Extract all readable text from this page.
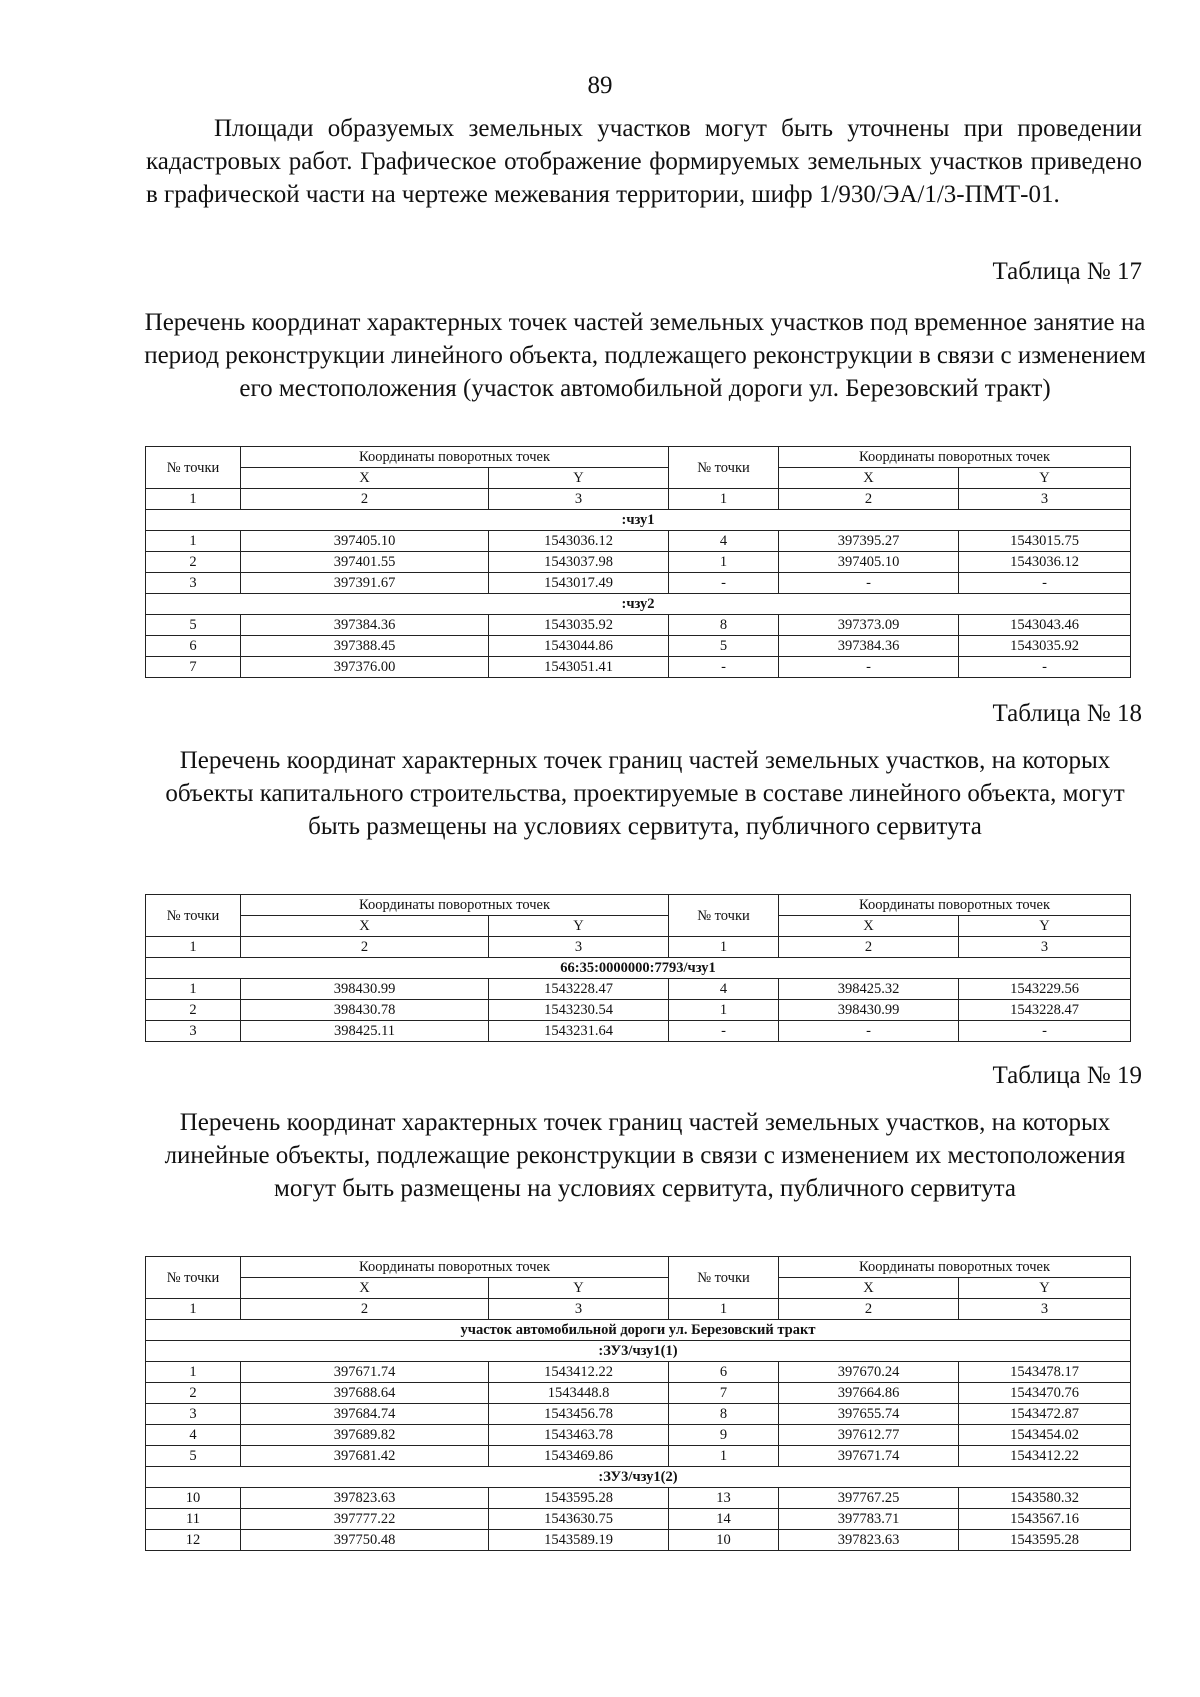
89

Площади образуемых земельных участков могут быть уточнены при проведении кадастровых работ. Графическое отображение формируемых земельных участков приведено в графической части на чертеже межевания территории, шифр 1/930/ЭА/1/3-ПМТ-01.

Таблица № 17

Перечень координат характерных точек частей земельных участков под временное занятие на период реконструкции линейного объекта, подлежащего реконструкции в связи с изменением его местоположения (участок автомобильной дороги ул. Березовский тракт)

№ точки	Координаты поворотных точек		№ точки	Координаты поворотных точек	
	X	Y		X	Y
1	2	3	1	2	3
:чзу1					
1	397405.10	1543036.12	4	397395.27	1543015.75
2	397401.55	1543037.98	1	397405.10	1543036.12
3	397391.67	1543017.49	-	-	-
:чзу2					
5	397384.36	1543035.92	8	397373.09	1543043.46
6	397388.45	1543044.86	5	397384.36	1543035.92
7	397376.00	1543051.41	-	-	-
Таблица № 18

Перечень координат характерных точек границ частей земельных участков, на которых объекты капитального строительства, проектируемые в составе линейного объекта, могут быть размещены на условиях сервитута, публичного сервитута

№ точки	Координаты поворотных точек		№ точки	Координаты поворотных точек	
	X	Y		X	Y
1	2	3	1	2	3
66:35:0000000:7793/чзу1					
1	398430.99	1543228.47	4	398425.32	1543229.56
2	398430.78	1543230.54	1	398430.99	1543228.47
3	398425.11	1543231.64	-	-	-
Таблица № 19

Перечень координат характерных точек границ частей земельных участков, на которых линейные объекты, подлежащие реконструкции в связи с изменением их местоположения могут быть размещены на условиях сервитута, публичного сервитута

№ точки	Координаты поворотных точек		№ точки	Координаты поворотных точек	
	X	Y		X	Y
1	2	3	1	2	3
участок автомобильной дороги ул. Березовский тракт					
:ЗУ3/чзу1(1)					
1	397671.74	1543412.22	6	397670.24	1543478.17
2	397688.64	1543448.8	7	397664.86	1543470.76
3	397684.74	1543456.78	8	397655.74	1543472.87
4	397689.82	1543463.78	9	397612.77	1543454.02
5	397681.42	1543469.86	1	397671.74	1543412.22
:ЗУ3/чзу1(2)					
10	397823.63	1543595.28	13	397767.25	1543580.32
11	397777.22	1543630.75	14	397783.71	1543567.16
12	397750.48	1543589.19	10	397823.63	1543595.28
